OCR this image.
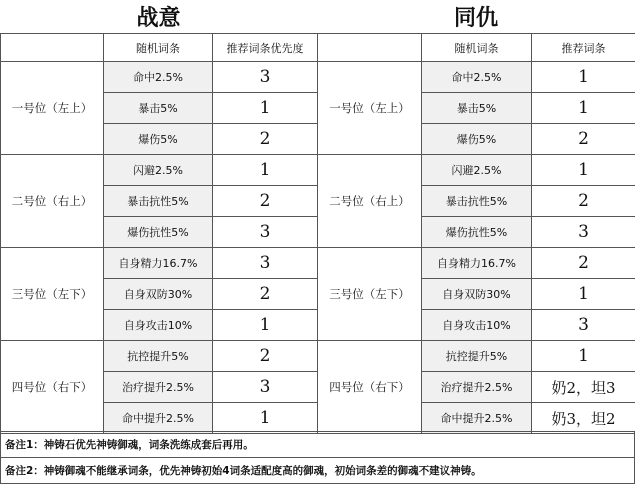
战意	同仇
	随机词条	推荐词条优先度		随机词条	推荐词条
一号位（左上）	命中2.5%	3	一号位（左上）	命中2.5%	1
	暴击5%	1		暴击5%	1
	爆伤5%	2		爆伤5%	2
二号位（右上）	闪避2.5%	1	二号位（右上）	闪避2.5%	1
	暴击抗性5%	2		暴击抗性5%	2
	爆伤抗性5%	3		爆伤抗性5%	3
三号位（左下）	自身精力16.7%	3	三号位（左下）	自身精力16.7%	2
	自身双防30%	2		自身双防30%	1
	自身攻击10%	1		自身攻击10%	3
四号位（右下）	抗控提升5%	2	四号位（右下）	抗控提升5%	1
	治疗提升2.5%	3		治疗提升2.5%	奶2，坦3
	命中提升2.5%	1		命中提升2.5%	奶3，坦2
备注1：神铸石优先神铸御魂，词条洗练成套后再用。
备注2：神铸御魂不能继承词条，优先神铸初始4词条适配度高的御魂，初始词条差的御魂不建议神铸。
